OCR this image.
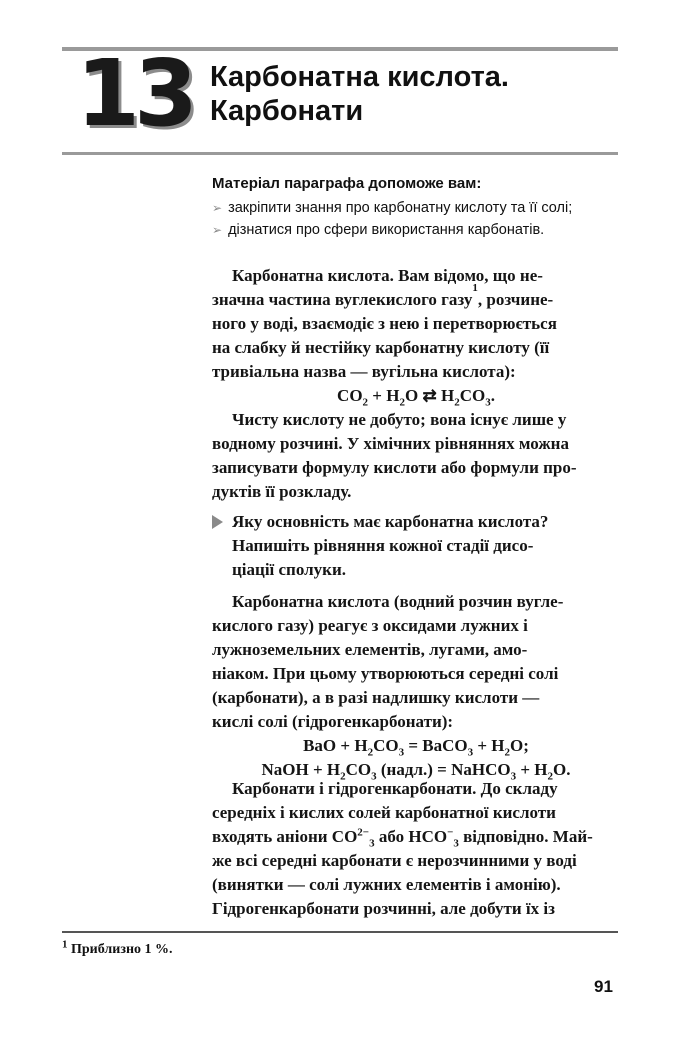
13 Карбонатна кислота.
Карбонати
Матеріал параграфа допоможе вам:
➢ закріпити знання про карбонатну кислоту та її солі;
➢ дізнатися про сфери використання карбонатів.
Карбонатна кислота. Вам відомо, що не-
значна частина вуглекислого газу
1
, розчине-
ного у воді, взаємодіє з нею і перетворюється
на слабку й нестійку карбонатну кислоту (її
тривіальна назва — вугільна кислота):
$CO_2 + H_2O$ ⇄ $H_2CO_3$.
Чисту кислоту не добуто; вона існує лише у
водному розчині. У хімічних рівняннях можна
записувати формулу кислоти або формули про-
дуктів її розкладу.
Яку основність має карбонатна кислота?
Напишіть рівняння кожної стадії дисо-
ціації сполуки.
Карбонатна кислота (водний розчин вугле-
кислого газу) реагує з оксидами лужних і
лужноземельних елементів, лугами, амо-
ніаком. При цьому утворюються середні солі
(карбонати), а в разі надлишку кислоти —
кислі солі (гідрогенкарбонати):
BaO + $H_2CO_3$ = BaCO$_3$ + $H_2O$;
NaOH + $H_2CO_3$ (надл.) = NaHCO$_3$ + $H_2O$.
Карбонати і гідрогенкарбонати. До складу
середніх і кислих солей карбонатної кислоти
входять аніони $CO^{2-}_3$ або $HCO^-_3$ відповідно. Май-
же всі середні карбонати є нерозчинними у воді
(винятки — солі лужних елементів і амонію).
Гідрогенкарбонати розчинні, але добути їх із
$^1$ Приблизно 1 %.
91
